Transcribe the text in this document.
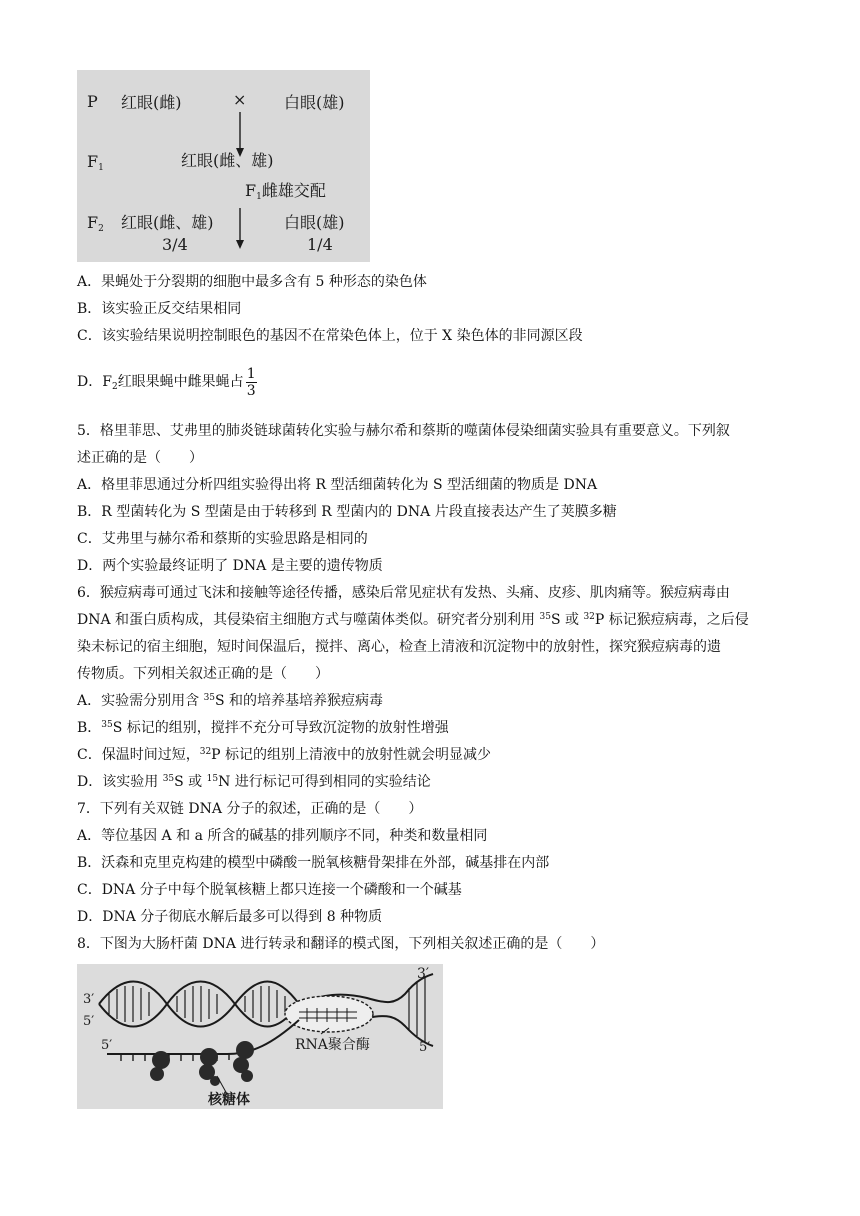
P 红眼(雌)	× 白眼(雄)
F1	红眼(雌、雄)
F1雌雄交配
F2 红眼(雌、雄)	白眼(雄)
3/4	1/4
A．果蝇处于分裂期的细胞中最多含有 5 种形态的染色体
B．该实验正反交结果相同
C．该实验结果说明控制眼色的基因不在常染色体上，位于 X 染色体的非同源区段
D．$F_2$红眼果蝇中雌果蝇占 $\frac{1}{3}$
5．格里菲思、艾弗里的肺炎链球菌转化实验与赫尔希和蔡斯的噬菌体侵染细菌实验具有重要意义。下列叙
述正确的是（　　）
A．格里菲思通过分析四组实验得出将 R 型活细菌转化为 S 型活细菌的物质是 DNA
B．R 型菌转化为 S 型菌是由于转移到 R 型菌内的 DNA 片段直接表达产生了荚膜多糖
C．艾弗里与赫尔希和蔡斯的实验思路是相同的
D．两个实验最终证明了 DNA 是主要的遗传物质
6．猴痘病毒可通过飞沫和接触等途径传播，感染后常见症状有发热、头痛、皮疹、肌肉痛等。猴痘病毒由
DNA 和蛋白质构成，其侵染宿主细胞方式与噬菌体类似。研究者分别利用 $^{35}$S 或 $^{32}$P 标记猴痘病毒，之后侵
染未标记的宿主细胞，短时间保温后，搅拌、离心，检查上清液和沉淀物中的放射性，探究猴痘病毒的遗
传物质。下列相关叙述正确的是（　　）
A．实验需分别用含 $^{35}$S 和的培养基培养猴痘病毒
B．$^{35}$S 标记的组别，搅拌不充分可导致沉淀物的放射性增强
C．保温时间过短，$^{32}$P 标记的组别上清液中的放射性就会明显减少
D．该实验用 $^{35}$S 或 $^{15}$N 进行标记可得到相同的实验结论
7．下列有关双链 DNA 分子的叙述，正确的是（　　）
A．等位基因 A 和 a 所含的碱基的排列顺序不同，种类和数量相同
B．沃森和克里克构建的模型中磷酸一脱氧核糖骨架排在外部，碱基排在内部
C．DNA 分子中每个脱氧核糖上都只连接一个磷酸和一个碱基
D．DNA 分子彻底水解后最多可以得到 8 种物质
8．下图为大肠杆菌 DNA 进行转录和翻译的模式图，下列相关叙述正确的是（　　）
3′
3′
5′
5′
5′	RNA聚合酶
核糖体
